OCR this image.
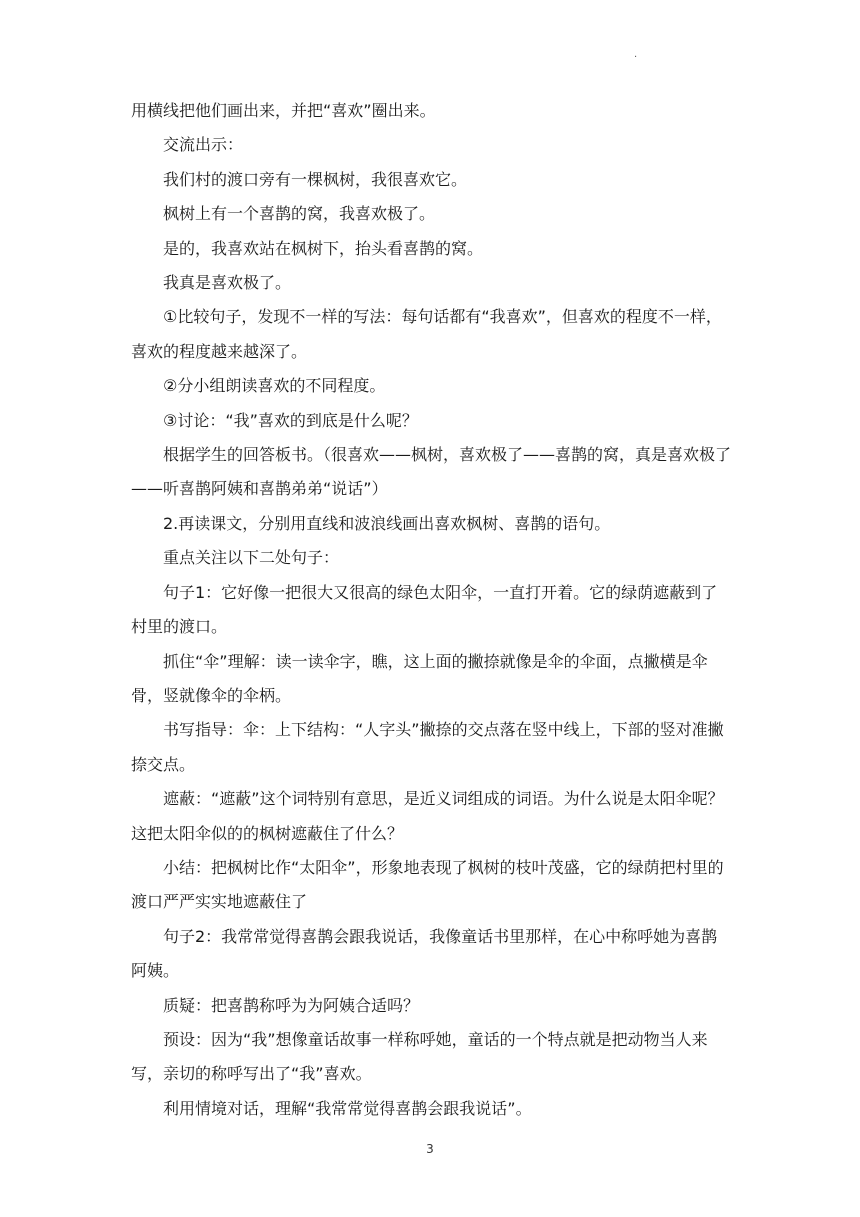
·

用横线把他们画出来，并把“喜欢”圈出来。

交流出示：

我们村的渡口旁有一棵枫树，我很喜欢它。

枫树上有一个喜鹊的窝，我喜欢极了。

是的，我喜欢站在枫树下，抬头看喜鹊的窝。

我真是喜欢极了。

①比较句子，发现不一样的写法：每句话都有“我喜欢”，但喜欢的程度不一样，喜欢的程度越来越深了。

②分小组朗读喜欢的不同程度。

③讨论：“我”喜欢的到底是什么呢？

根据学生的回答板书。（很喜欢——枫树，喜欢极了——喜鹊的窝，真是喜欢极了——听喜鹊阿姨和喜鹊弟弟“说话”）

2.再读课文，分别用直线和波浪线画出喜欢枫树、喜鹊的语句。

重点关注以下二处句子：

句子1：它好像一把很大又很高的绿色太阳伞，一直打开着。它的绿荫遮蔽到了村里的渡口。

抓住“伞”理解：读一读伞字，瞧，这上面的撇捺就像是伞的伞面，点撇横是伞骨，竖就像伞的伞柄。

书写指导：伞：上下结构：“人字头”撇捺的交点落在竖中线上，下部的竖对准撇捺交点。

遮蔽：“遮蔽”这个词特别有意思，是近义词组成的词语。为什么说是太阳伞呢？这把太阳伞似的的枫树遮蔽住了什么？

小结：把枫树比作“太阳伞”，形象地表现了枫树的枝叶茂盛，它的绿荫把村里的渡口严严实实地遮蔽住了

句子2：我常常觉得喜鹊会跟我说话，我像童话书里那样，在心中称呼她为喜鹊阿姨。

质疑：把喜鹊称呼为为阿姨合适吗？

预设：因为“我”想像童话故事一样称呼她，童话的一个特点就是把动物当人来写，亲切的称呼写出了“我”喜欢。

利用情境对话，理解“我常常觉得喜鹊会跟我说话”。

3
